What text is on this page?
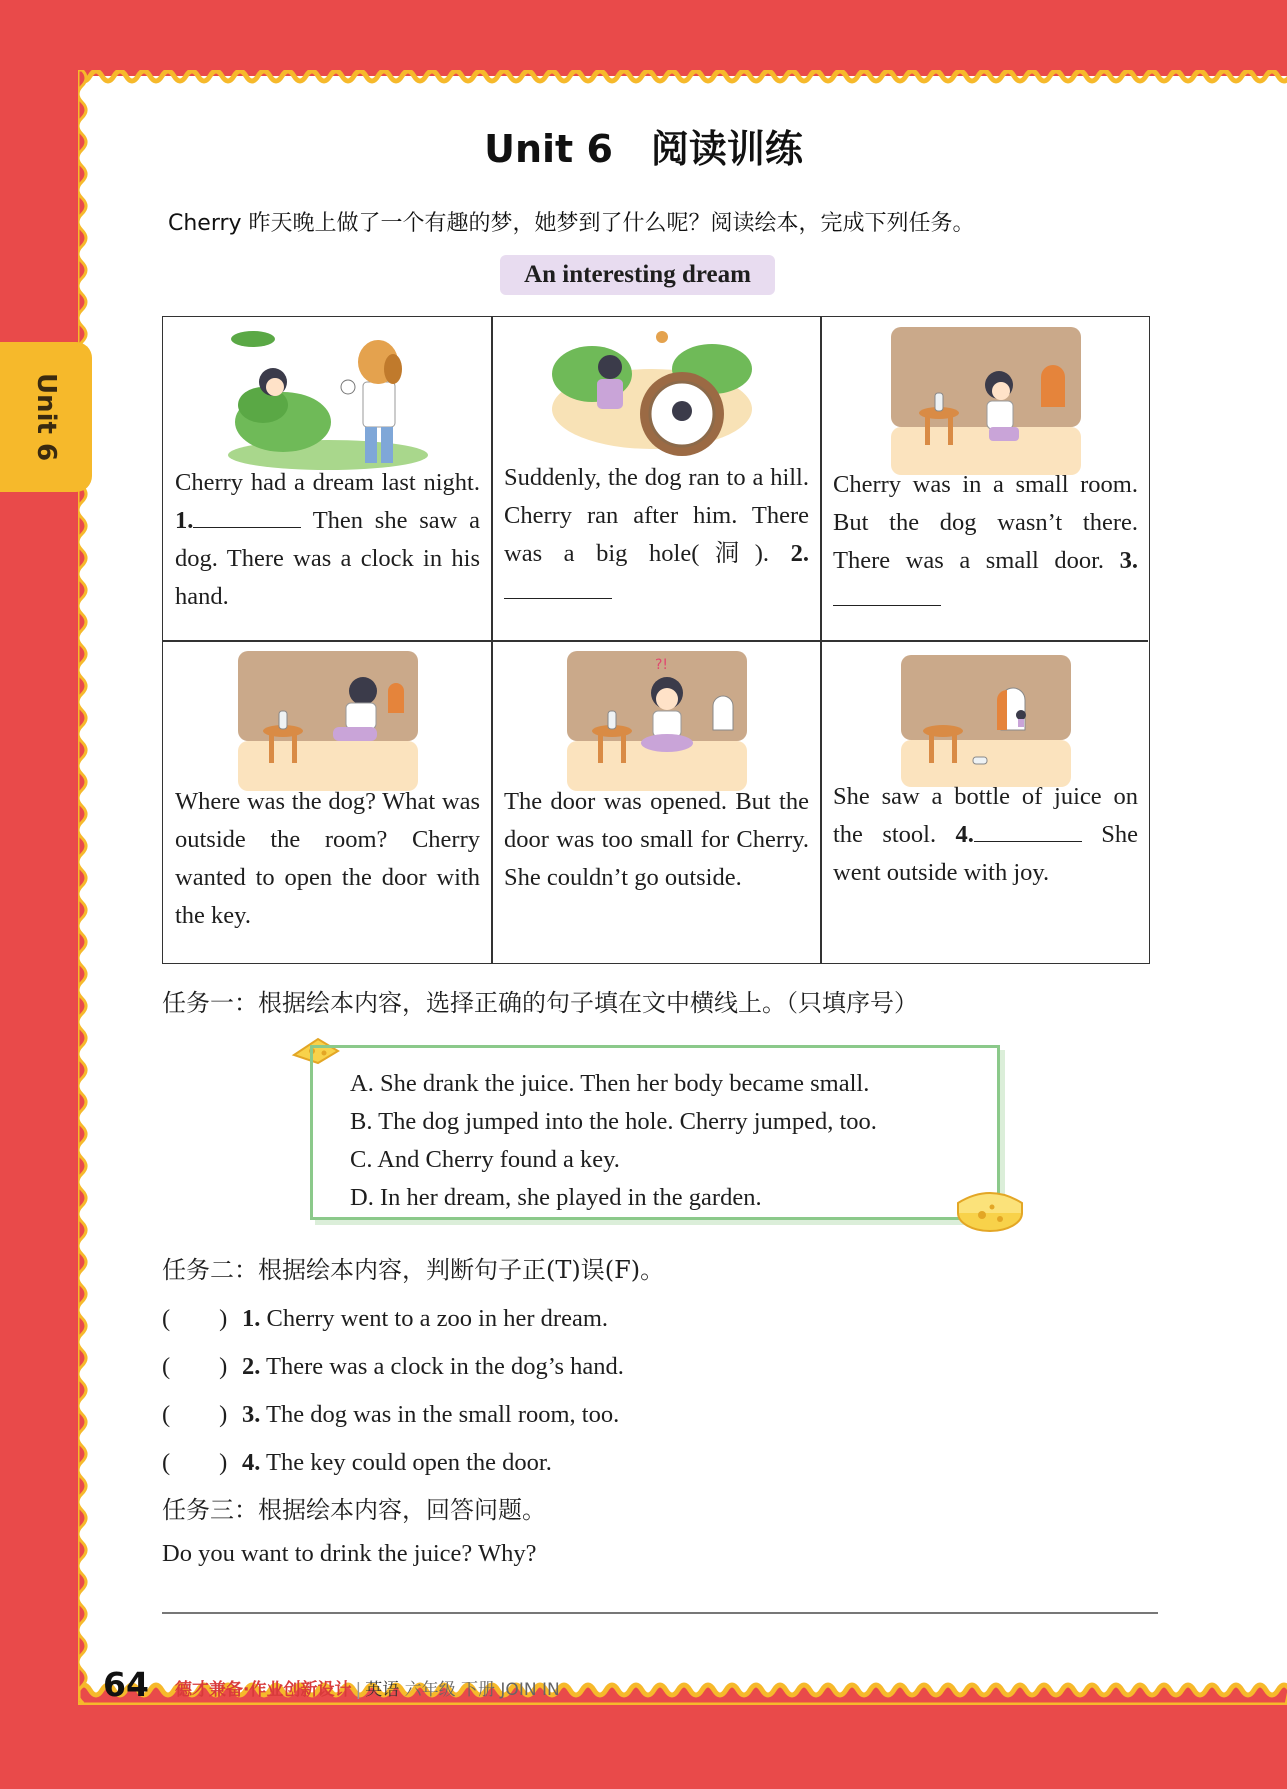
Unit 6
Unit 6　阅读训练
Cherry 昨天晚上做了一个有趣的梦，她梦到了什么呢？阅读绘本，完成下列任务。
An interesting dream
Cherry had a dream last night. 1.	Then she saw a dog. There was a clock in his hand.
Suddenly, the dog ran to a hill. Cherry ran after him. There was a big hole(洞). 2.
Cherry was in a small room. But the dog wasn’t there. There was a small door. 3.
Where was the dog? What was outside the room? Cherry wanted to open the door with the key.
?!
The door was opened. But the door was too small for Cherry. She couldn’t go outside.
She saw a bottle of juice on the stool. 4.	She went outside with joy.
任务一：根据绘本内容，选择正确的句子填在文中横线上。（只填序号）
A. She drank the juice. Then her body became small.
B. The dog jumped into the hole. Cherry jumped, too.
C. And Cherry found a key.
D. In her dream, she played in the garden.
任务二：根据绘本内容，判断句子正(T)误(F)。
(　　) 1. Cherry went to a zoo in her dream.
(　　) 2. There was a clock in the dog’s hand.
(　　) 3. The dog was in the small room, too.
(　　) 4. The key could open the door.
任务三：根据绘本内容，回答问题。
Do you want to drink the juice? Why?
64 德才兼备·作业创新设计 | 英语 六年级 下册 JOIN IN
